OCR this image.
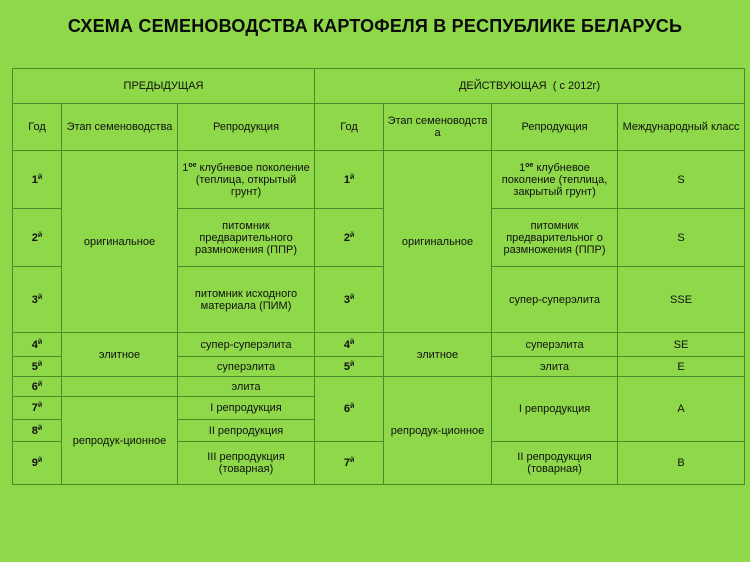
СХЕМА СЕМЕНОВОДСТВА КАРТОФЕЛЯ В РЕСПУБЛИКЕ БЕЛАРУСЬ
ПРЕДЫДУЩАЯ			ДЕЙСТВУЮЩАЯ ( с 2012г)			
Год	Этап семеноводства	Репродукция	Год	Этап семеноводств а	Репродукция	Международный класс
$1^й$	оригинальное	$1^{ое}$ клубневое поколение (теплица, открытый грунт)	$1^й$	оригинальное	$1^{ое}$ клубневое поколение (теплица, закрытый грунт)	S
$2^й$		питомник предварительного размножения (ППР)	$2^й$		питомник предварительног о размножения (ППР)	S
$3^й$		питомник исходного материала (ПИМ)	$3^й$		супер-суперэлита	SSE
$4^й$	элитное	супер-суперэлита	$4^й$	элитное	суперэлита	SE
$5^й$		суперэлита	$5^й$		элита	E
$6^й$		элита	$6^й$	репродук-ционное	I репродукция	A
$7^й$	репродук-ционное	I репродукция				
$8^й$		II репродукция				
$9^й$		III репродукция (товарная)	$7^й$		II репродукция (товарная)	B
